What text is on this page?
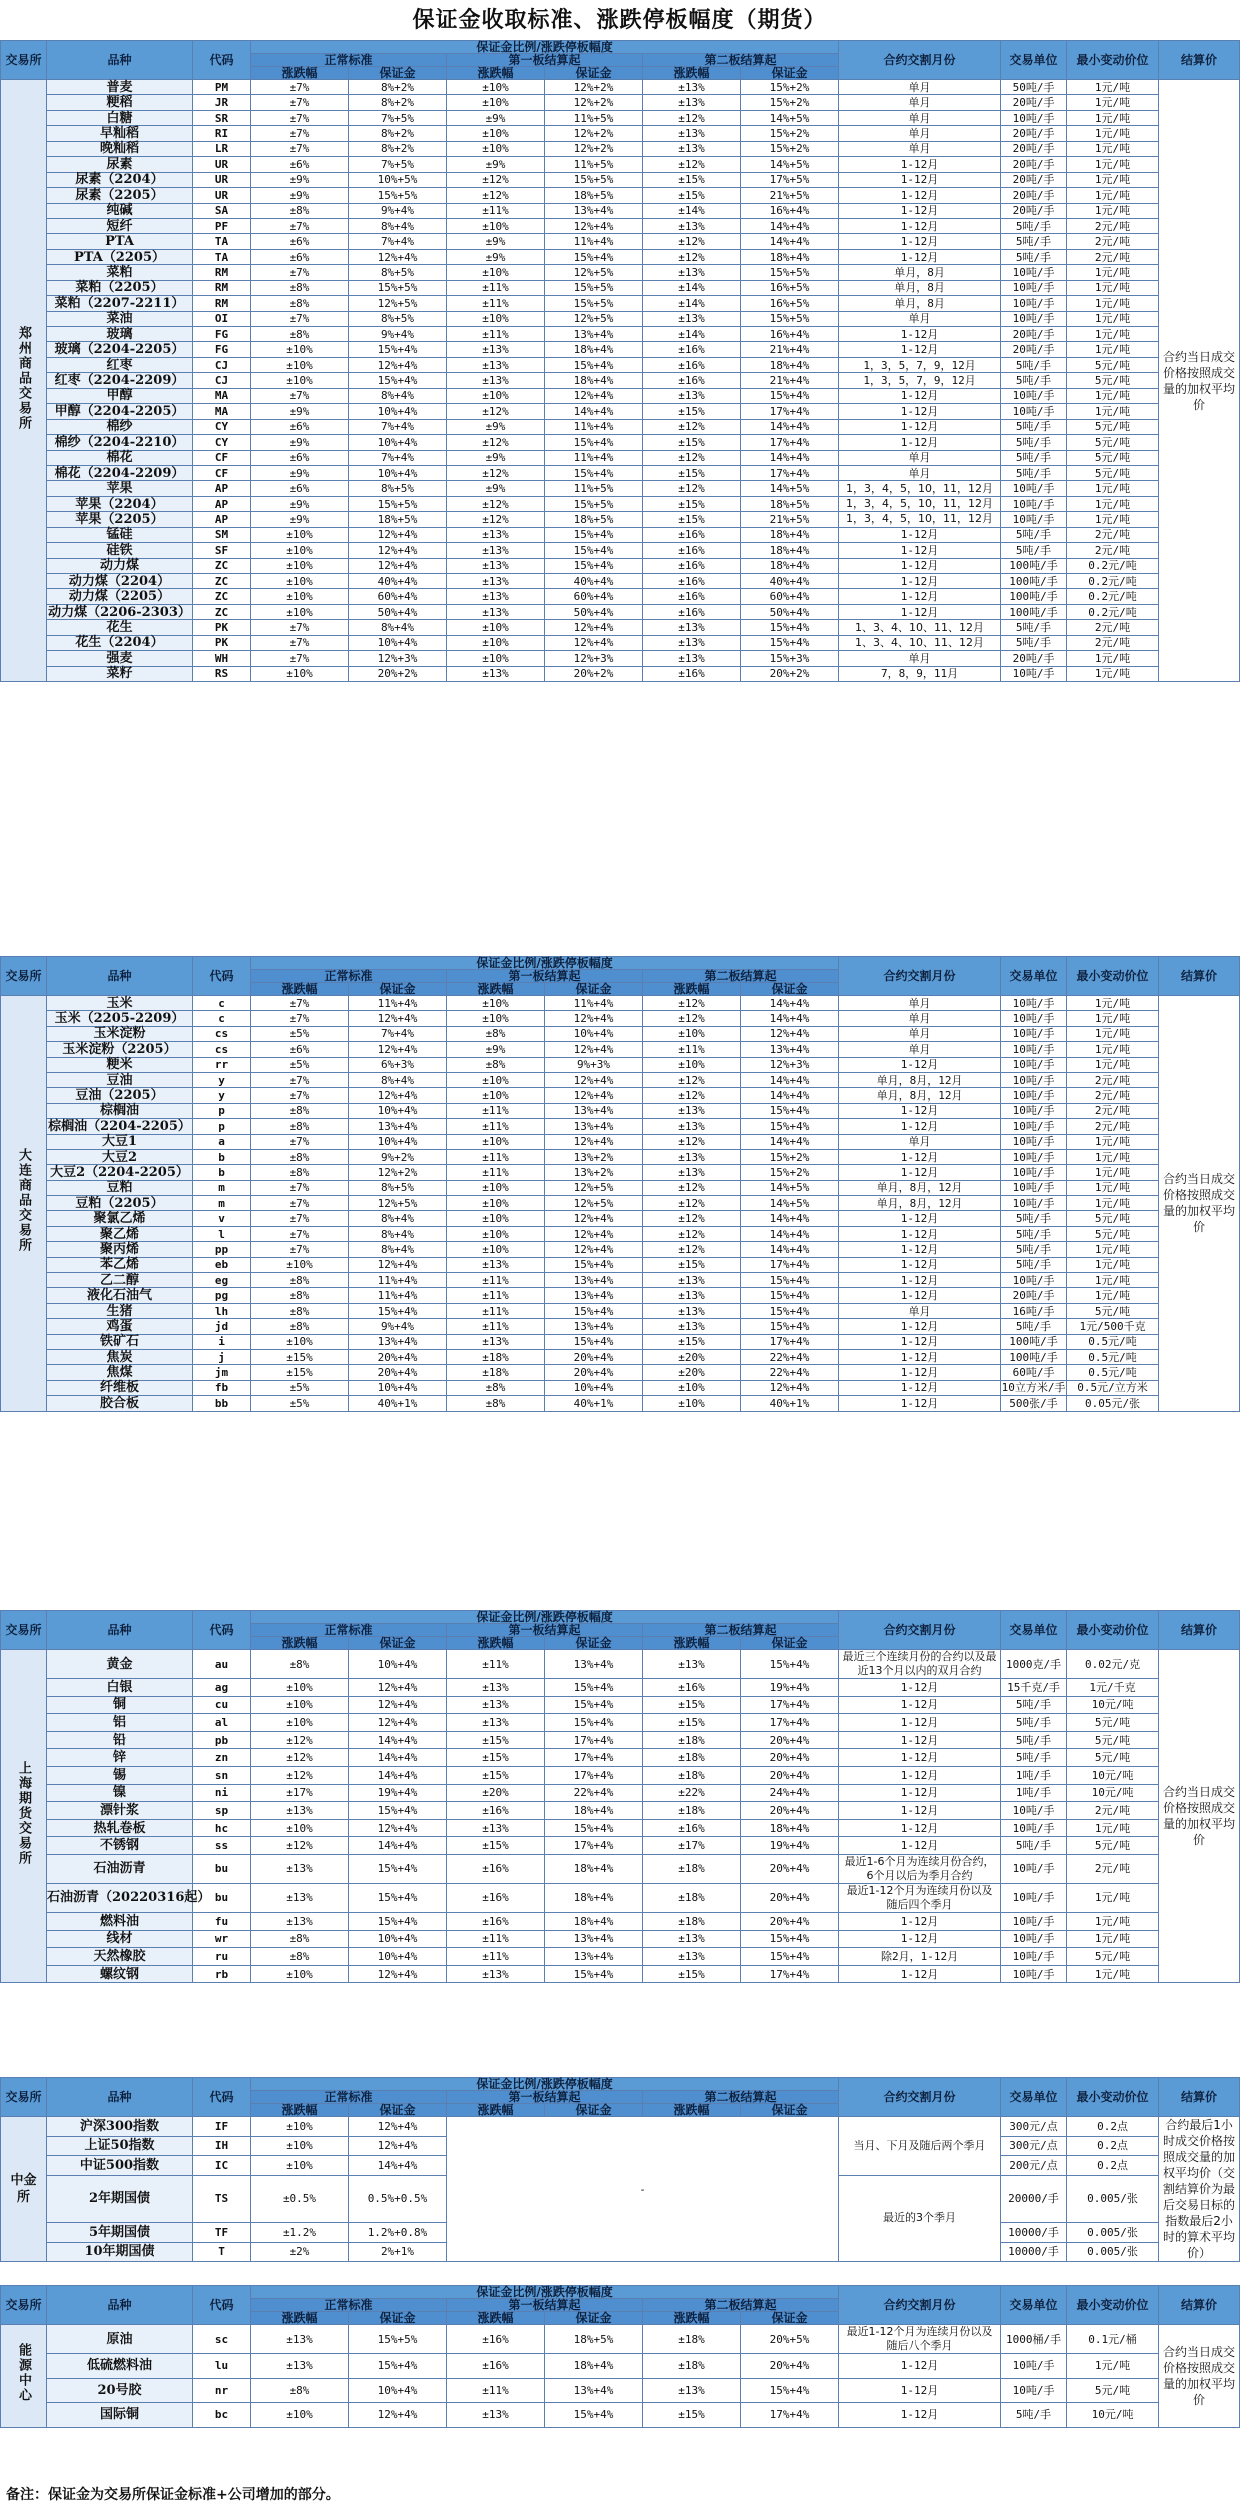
保证金收取标准、涨跌停板幅度（期货）
交易所	品种	代码	保证金比例/涨跌停板幅度						合约交割月份	交易单位	最小变动价位	结算价
			正常标准		第一板结算起		第二板结算起					
			涨跌幅	保证金	涨跌幅	保证金	涨跌幅	保证金				
郑州商品交易所	普麦	PM	±7%	8%+2%	±10%	12%+2%	±13%	15%+2%	单月	50吨/手	1元/吨	合约当日成交价格按照成交量的加权平均价
	粳稻	JR	±7%	8%+2%	±10%	12%+2%	±13%	15%+2%	单月	20吨/手	1元/吨	
	白糖	SR	±7%	7%+5%	±9%	11%+5%	±12%	14%+5%	单月	10吨/手	1元/吨	
	早籼稻	RI	±7%	8%+2%	±10%	12%+2%	±13%	15%+2%	单月	20吨/手	1元/吨	
	晚籼稻	LR	±7%	8%+2%	±10%	12%+2%	±13%	15%+2%	单月	20吨/手	1元/吨	
	尿素	UR	±6%	7%+5%	±9%	11%+5%	±12%	14%+5%	1-12月	20吨/手	1元/吨	
	尿素（2204）	UR	±9%	10%+5%	±12%	15%+5%	±15%	17%+5%	1-12月	20吨/手	1元/吨	
	尿素（2205）	UR	±9%	15%+5%	±12%	18%+5%	±15%	21%+5%	1-12月	20吨/手	1元/吨	
	纯碱	SA	±8%	9%+4%	±11%	13%+4%	±14%	16%+4%	1-12月	20吨/手	1元/吨	
	短纤	PF	±7%	8%+4%	±10%	12%+4%	±13%	14%+4%	1-12月	5吨/手	2元/吨	
	PTA	TA	±6%	7%+4%	±9%	11%+4%	±12%	14%+4%	1-12月	5吨/手	2元/吨	
	PTA（2205）	TA	±6%	12%+4%	±9%	15%+4%	±12%	18%+4%	1-12月	5吨/手	2元/吨	
	菜粕	RM	±7%	8%+5%	±10%	12%+5%	±13%	15%+5%	单月，8月	10吨/手	1元/吨	
	菜粕（2205）	RM	±8%	15%+5%	±11%	15%+5%	±14%	16%+5%	单月，8月	10吨/手	1元/吨	
	菜粕（2207-2211）	RM	±8%	12%+5%	±11%	15%+5%	±14%	16%+5%	单月，8月	10吨/手	1元/吨	
	菜油	OI	±7%	8%+5%	±10%	12%+5%	±13%	15%+5%	单月	10吨/手	1元/吨	
	玻璃	FG	±8%	9%+4%	±11%	13%+4%	±14%	16%+4%	1-12月	20吨/手	1元/吨	
	玻璃（2204-2205）	FG	±10%	15%+4%	±13%	18%+4%	±16%	21%+4%	1-12月	20吨/手	1元/吨	
	红枣	CJ	±10%	12%+4%	±13%	15%+4%	±16%	18%+4%	1，3，5，7，9，12月	5吨/手	5元/吨	
	红枣（2204-2209）	CJ	±10%	15%+4%	±13%	18%+4%	±16%	21%+4%	1，3，5，7，9，12月	5吨/手	5元/吨	
	甲醇	MA	±7%	8%+4%	±10%	12%+4%	±13%	15%+4%	1-12月	10吨/手	1元/吨	
	甲醇（2204-2205）	MA	±9%	10%+4%	±12%	14%+4%	±15%	17%+4%	1-12月	10吨/手	1元/吨	
	棉纱	CY	±6%	7%+4%	±9%	11%+4%	±12%	14%+4%	1-12月	5吨/手	5元/吨	
	棉纱（2204-2210）	CY	±9%	10%+4%	±12%	15%+4%	±15%	17%+4%	1-12月	5吨/手	5元/吨	
	棉花	CF	±6%	7%+4%	±9%	11%+4%	±12%	14%+4%	单月	5吨/手	5元/吨	
	棉花（2204-2209）	CF	±9%	10%+4%	±12%	15%+4%	±15%	17%+4%	单月	5吨/手	5元/吨	
	苹果	AP	±6%	8%+5%	±9%	11%+5%	±12%	14%+5%	1，3，4，5，10，11，12月	10吨/手	1元/吨	
	苹果（2204）	AP	±9%	15%+5%	±12%	15%+5%	±15%	18%+5%	1，3，4，5，10，11，12月	10吨/手	1元/吨	
	苹果（2205）	AP	±9%	18%+5%	±12%	18%+5%	±15%	21%+5%	1，3，4，5，10，11，12月	10吨/手	1元/吨	
	锰硅	SM	±10%	12%+4%	±13%	15%+4%	±16%	18%+4%	1-12月	5吨/手	2元/吨	
	硅铁	SF	±10%	12%+4%	±13%	15%+4%	±16%	18%+4%	1-12月	5吨/手	2元/吨	
	动力煤	ZC	±10%	12%+4%	±13%	15%+4%	±16%	18%+4%	1-12月	100吨/手	0.2元/吨	
	动力煤（2204）	ZC	±10%	40%+4%	±13%	40%+4%	±16%	40%+4%	1-12月	100吨/手	0.2元/吨	
	动力煤（2205）	ZC	±10%	60%+4%	±13%	60%+4%	±16%	60%+4%	1-12月	100吨/手	0.2元/吨	
	动力煤（2206-2303）	ZC	±10%	50%+4%	±13%	50%+4%	±16%	50%+4%	1-12月	100吨/手	0.2元/吨	
	花生	PK	±7%	8%+4%	±10%	12%+4%	±13%	15%+4%	1、3、4、10、11、12月	5吨/手	2元/吨	
	花生（2204）	PK	±7%	10%+4%	±10%	12%+4%	±13%	15%+4%	1、3、4、10、11、12月	5吨/手	2元/吨	
	强麦	WH	±7%	12%+3%	±10%	12%+3%	±13%	15%+3%	单月	20吨/手	1元/吨	
	菜籽	RS	±10%	20%+2%	±13%	20%+2%	±16%	20%+2%	7，8，9，11月	10吨/手	1元/吨	
交易所	品种	代码	保证金比例/涨跌停板幅度						合约交割月份	交易单位	最小变动价位	结算价
			正常标准		第一板结算起		第二板结算起					
			涨跌幅	保证金	涨跌幅	保证金	涨跌幅	保证金				
大连商品交易所	玉米	c	±7%	11%+4%	±10%	11%+4%	±12%	14%+4%	单月	10吨/手	1元/吨	合约当日成交价格按照成交量的加权平均价
	玉米（2205-2209）	c	±7%	12%+4%	±10%	12%+4%	±12%	14%+4%	单月	10吨/手	1元/吨	
	玉米淀粉	cs	±5%	7%+4%	±8%	10%+4%	±10%	12%+4%	单月	10吨/手	1元/吨	
	玉米淀粉（2205）	cs	±6%	12%+4%	±9%	12%+4%	±11%	13%+4%	单月	10吨/手	1元/吨	
	粳米	rr	±5%	6%+3%	±8%	9%+3%	±10%	12%+3%	1-12月	10吨/手	1元/吨	
	豆油	y	±7%	8%+4%	±10%	12%+4%	±12%	14%+4%	单月，8月，12月	10吨/手	2元/吨	
	豆油（2205）	y	±7%	12%+4%	±10%	12%+4%	±12%	14%+4%	单月，8月，12月	10吨/手	2元/吨	
	棕榈油	p	±8%	10%+4%	±11%	13%+4%	±13%	15%+4%	1-12月	10吨/手	2元/吨	
	棕榈油（2204-2205）	p	±8%	13%+4%	±11%	13%+4%	±13%	15%+4%	1-12月	10吨/手	2元/吨	
	大豆1	a	±7%	10%+4%	±10%	12%+4%	±12%	14%+4%	单月	10吨/手	1元/吨	
	大豆2	b	±8%	9%+2%	±11%	13%+2%	±13%	15%+2%	1-12月	10吨/手	1元/吨	
	大豆2（2204-2205）	b	±8%	12%+2%	±11%	13%+2%	±13%	15%+2%	1-12月	10吨/手	1元/吨	
	豆粕	m	±7%	8%+5%	±10%	12%+5%	±12%	14%+5%	单月，8月，12月	10吨/手	1元/吨	
	豆粕（2205）	m	±7%	12%+5%	±10%	12%+5%	±12%	14%+5%	单月，8月，12月	10吨/手	1元/吨	
	聚氯乙烯	v	±7%	8%+4%	±10%	12%+4%	±12%	14%+4%	1-12月	5吨/手	5元/吨	
	聚乙烯	l	±7%	8%+4%	±10%	12%+4%	±12%	14%+4%	1-12月	5吨/手	5元/吨	
	聚丙烯	pp	±7%	8%+4%	±10%	12%+4%	±12%	14%+4%	1-12月	5吨/手	1元/吨	
	苯乙烯	eb	±10%	12%+4%	±13%	15%+4%	±15%	17%+4%	1-12月	5吨/手	1元/吨	
	乙二醇	eg	±8%	11%+4%	±11%	13%+4%	±13%	15%+4%	1-12月	10吨/手	1元/吨	
	液化石油气	pg	±8%	11%+4%	±11%	13%+4%	±13%	15%+4%	1-12月	20吨/手	1元/吨	
	生猪	lh	±8%	15%+4%	±11%	15%+4%	±13%	15%+4%	单月	16吨/手	5元/吨	
	鸡蛋	jd	±8%	9%+4%	±11%	13%+4%	±13%	15%+4%	1-12月	5吨/手	1元/500千克	
	铁矿石	i	±10%	13%+4%	±13%	15%+4%	±15%	17%+4%	1-12月	100吨/手	0.5元/吨	
	焦炭	j	±15%	20%+4%	±18%	20%+4%	±20%	22%+4%	1-12月	100吨/手	0.5元/吨	
	焦煤	jm	±15%	20%+4%	±18%	20%+4%	±20%	22%+4%	1-12月	60吨/手	0.5元/吨	
	纤维板	fb	±5%	10%+4%	±8%	10%+4%	±10%	12%+4%	1-12月	10立方米/手	0.5元/立方米	
	胶合板	bb	±5%	40%+1%	±8%	40%+1%	±10%	40%+1%	1-12月	500张/手	0.05元/张	
交易所	品种	代码	保证金比例/涨跌停板幅度						合约交割月份	交易单位	最小变动价位	结算价
			正常标准		第一板结算起		第二板结算起					
			涨跌幅	保证金	涨跌幅	保证金	涨跌幅	保证金				
上海期货交易所	黄金	au	±8%	10%+4%	±11%	13%+4%	±13%	15%+4%	最近三个连续月份的合约以及最近13个月以内的双月合约	1000克/手	0.02元/克	合约当日成交价格按照成交量的加权平均价
	白银	ag	±10%	12%+4%	±13%	15%+4%	±16%	19%+4%	1-12月	15千克/手	1元/千克	
	铜	cu	±10%	12%+4%	±13%	15%+4%	±15%	17%+4%	1-12月	5吨/手	10元/吨	
	铝	al	±10%	12%+4%	±13%	15%+4%	±15%	17%+4%	1-12月	5吨/手	5元/吨	
	铅	pb	±12%	14%+4%	±15%	17%+4%	±18%	20%+4%	1-12月	5吨/手	5元/吨	
	锌	zn	±12%	14%+4%	±15%	17%+4%	±18%	20%+4%	1-12月	5吨/手	5元/吨	
	锡	sn	±12%	14%+4%	±15%	17%+4%	±18%	20%+4%	1-12月	1吨/手	10元/吨	
	镍	ni	±17%	19%+4%	±20%	22%+4%	±22%	24%+4%	1-12月	1吨/手	10元/吨	
	漂针浆	sp	±13%	15%+4%	±16%	18%+4%	±18%	20%+4%	1-12月	10吨/手	2元/吨	
	热轧卷板	hc	±10%	12%+4%	±13%	15%+4%	±16%	18%+4%	1-12月	10吨/手	1元/吨	
	不锈钢	ss	±12%	14%+4%	±15%	17%+4%	±17%	19%+4%	1-12月	5吨/手	5元/吨	
	石油沥青	bu	±13%	15%+4%	±16%	18%+4%	±18%	20%+4%	最近1-6个月为连续月份合约，6个月以后为季月合约	10吨/手	2元/吨	
	石油沥青（20220316起）	bu	±13%	15%+4%	±16%	18%+4%	±18%	20%+4%	最近1-12个月为连续月份以及随后四个季月	10吨/手	1元/吨	
	燃料油	fu	±13%	15%+4%	±16%	18%+4%	±18%	20%+4%	1-12月	10吨/手	1元/吨	
	线材	wr	±8%	10%+4%	±11%	13%+4%	±13%	15%+4%	1-12月	10吨/手	1元/吨	
	天然橡胶	ru	±8%	10%+4%	±11%	13%+4%	±13%	15%+4%	除2月，1-12月	10吨/手	5元/吨	
	螺纹钢	rb	±10%	12%+4%	±13%	15%+4%	±15%	17%+4%	1-12月	10吨/手	1元/吨	
交易所	品种	代码	保证金比例/涨跌停板幅度						合约交割月份	交易单位	最小变动价位	结算价
			正常标准		第一板结算起		第二板结算起					
			涨跌幅	保证金	涨跌幅	保证金	涨跌幅	保证金				
中金所	沪深300指数	IF	±10%	12%+4%	-				当月、下月及随后两个季月	300元/点	0.2点	合约最后1小时成交价格按照成交量的加权平均价（交割结算价为最后交易日标的指数最后2小时的算术平均价）
	上证50指数	IH	±10%	12%+4%						300元/点	0.2点	
	中证500指数	IC	±10%	14%+4%						200元/点	0.2点	
	2年期国债	TS	±0.5%	0.5%+0.5%					最近的3个季月	20000/手	0.005/张	
	5年期国债	TF	±1.2%	1.2%+0.8%						10000/手	0.005/张	
	10年期国债	T	±2%	2%+1%						10000/手	0.005/张	
交易所	品种	代码	保证金比例/涨跌停板幅度						合约交割月份	交易单位	最小变动价位	结算价
			正常标准		第一板结算起		第二板结算起					
			涨跌幅	保证金	涨跌幅	保证金	涨跌幅	保证金				
能源中心	原油	sc	±13%	15%+5%	±16%	18%+5%	±18%	20%+5%	最近1-12个月为连续月份以及随后八个季月	1000桶/手	0.1元/桶	合约当日成交价格按照成交量的加权平均价
	低硫燃料油	lu	±13%	15%+4%	±16%	18%+4%	±18%	20%+4%	1-12月	10吨/手	1元/吨	
	20号胶	nr	±8%	10%+4%	±11%	13%+4%	±13%	15%+4%	1-12月	10吨/手	5元/吨	
	国际铜	bc	±10%	12%+4%	±13%	15%+4%	±15%	17%+4%	1-12月	5吨/手	10元/吨	
备注：保证金为交易所保证金标准+公司增加的部分。
